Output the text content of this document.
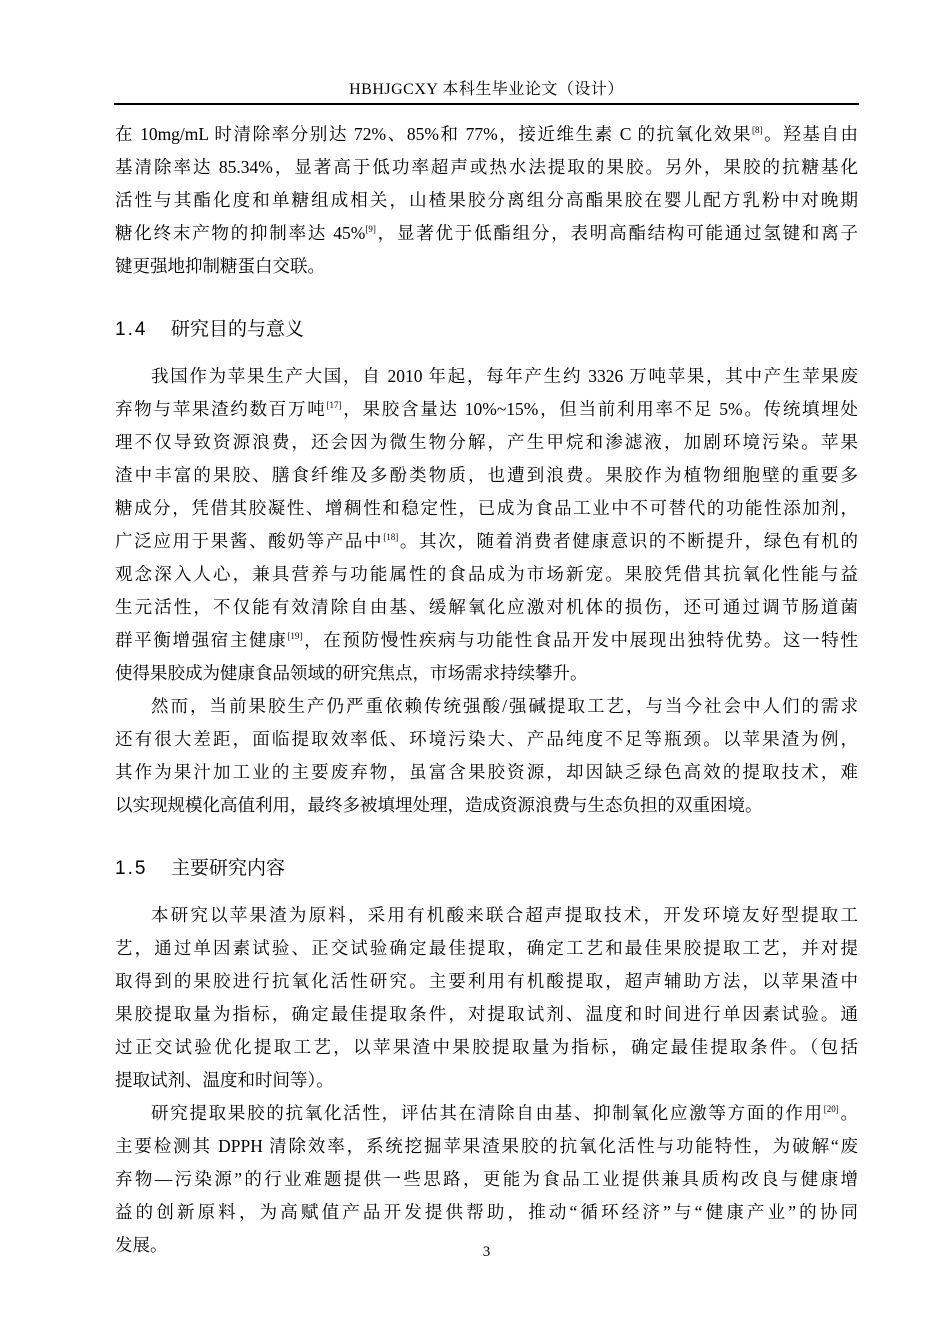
HBHJGCXY 本科生毕业论文（设计）
在 10mg/mL 时清除率分别达 72%、85%和 77%，接近维生素 C 的抗氧化效果[8]。羟基自由
基清除率达 85.34%，显著高于低功率超声或热水法提取的果胶。另外，果胶的抗糖基化
活性与其酯化度和单糖组成相关，山楂果胶分离组分高酯果胶在婴儿配方乳粉中对晚期
糖化终末产物的抑制率达 45%[9]，显著优于低酯组分，表明高酯结构可能通过氢键和离子
键更强地抑制糖蛋白交联。
1.4 研究目的与意义
我国作为苹果生产大国，自 2010 年起，每年产生约 3326 万吨苹果，其中产生苹果废
弃物与苹果渣约数百万吨[17]，果胶含量达 10%~15%，但当前利用率不足 5%。传统填埋处
理不仅导致资源浪费，还会因为微生物分解，产生甲烷和渗滤液，加剧环境污染。苹果
渣中丰富的果胶、膳食纤维及多酚类物质，也遭到浪费。果胶作为植物细胞壁的重要多
糖成分，凭借其胶凝性、增稠性和稳定性，已成为食品工业中不可替代的功能性添加剂，
广泛应用于果酱、酸奶等产品中[18]。其次，随着消费者健康意识的不断提升，绿色有机的
观念深入人心，兼具营养与功能属性的食品成为市场新宠。果胶凭借其抗氧化性能与益
生元活性，不仅能有效清除自由基、缓解氧化应激对机体的损伤，还可通过调节肠道菌
群平衡增强宿主健康[19]，在预防慢性疾病与功能性食品开发中展现出独特优势。这一特性
使得果胶成为健康食品领域的研究焦点，市场需求持续攀升。
然而，当前果胶生产仍严重依赖传统强酸/强碱提取工艺，与当今社会中人们的需求
还有很大差距，面临提取效率低、环境污染大、产品纯度不足等瓶颈。以苹果渣为例，
其作为果汁加工业的主要废弃物，虽富含果胶资源，却因缺乏绿色高效的提取技术，难
以实现规模化高值利用，最终多被填埋处理，造成资源浪费与生态负担的双重困境。
1.5 主要研究内容
本研究以苹果渣为原料，采用有机酸来联合超声提取技术，开发环境友好型提取工
艺，通过单因素试验、正交试验确定最佳提取，确定工艺和最佳果胶提取工艺，并对提
取得到的果胶进行抗氧化活性研究。主要利用有机酸提取，超声辅助方法，以苹果渣中
果胶提取量为指标，确定最佳提取条件，对提取试剂、温度和时间进行单因素试验。通
过正交试验优化提取工艺，以苹果渣中果胶提取量为指标，确定最佳提取条件。（包括
提取试剂、温度和时间等）。
研究提取果胶的抗氧化活性，评估其在清除自由基、抑制氧化应激等方面的作用[20]。
主要检测其 DPPH 清除效率，系统挖掘苹果渣果胶的抗氧化活性与功能特性，为破解“废
弃物—污染源”的行业难题提供一些思路，更能为食品工业提供兼具质构改良与健康增
益的创新原料，为高赋值产品开发提供帮助，推动“循环经济”与“健康产业”的协同
发展。	3
